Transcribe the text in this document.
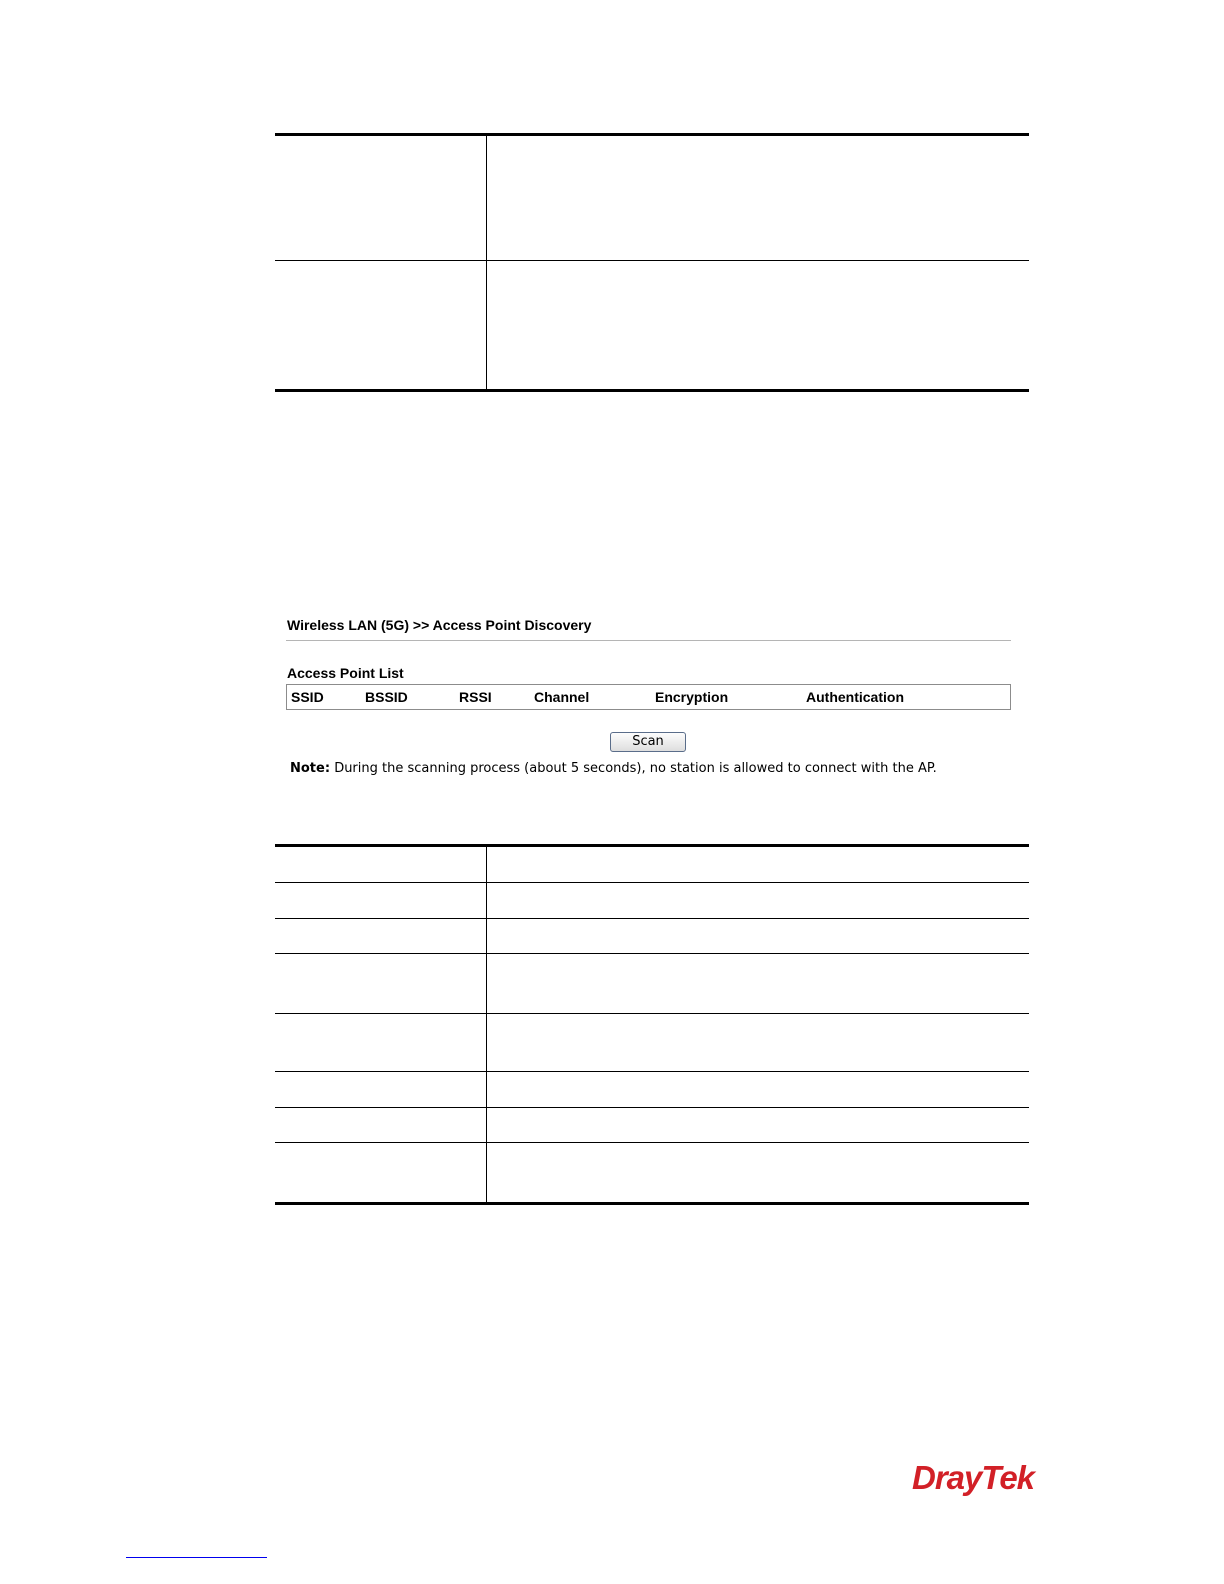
Wireless LAN (5G) >> Access Point Discovery
Access Point List
SSID	BSSID	RSSI	Channel	Encryption	Authentication
Scan
Note: During the scanning process (about 5 seconds), no station is allowed to connect with the AP.
DrayTek
